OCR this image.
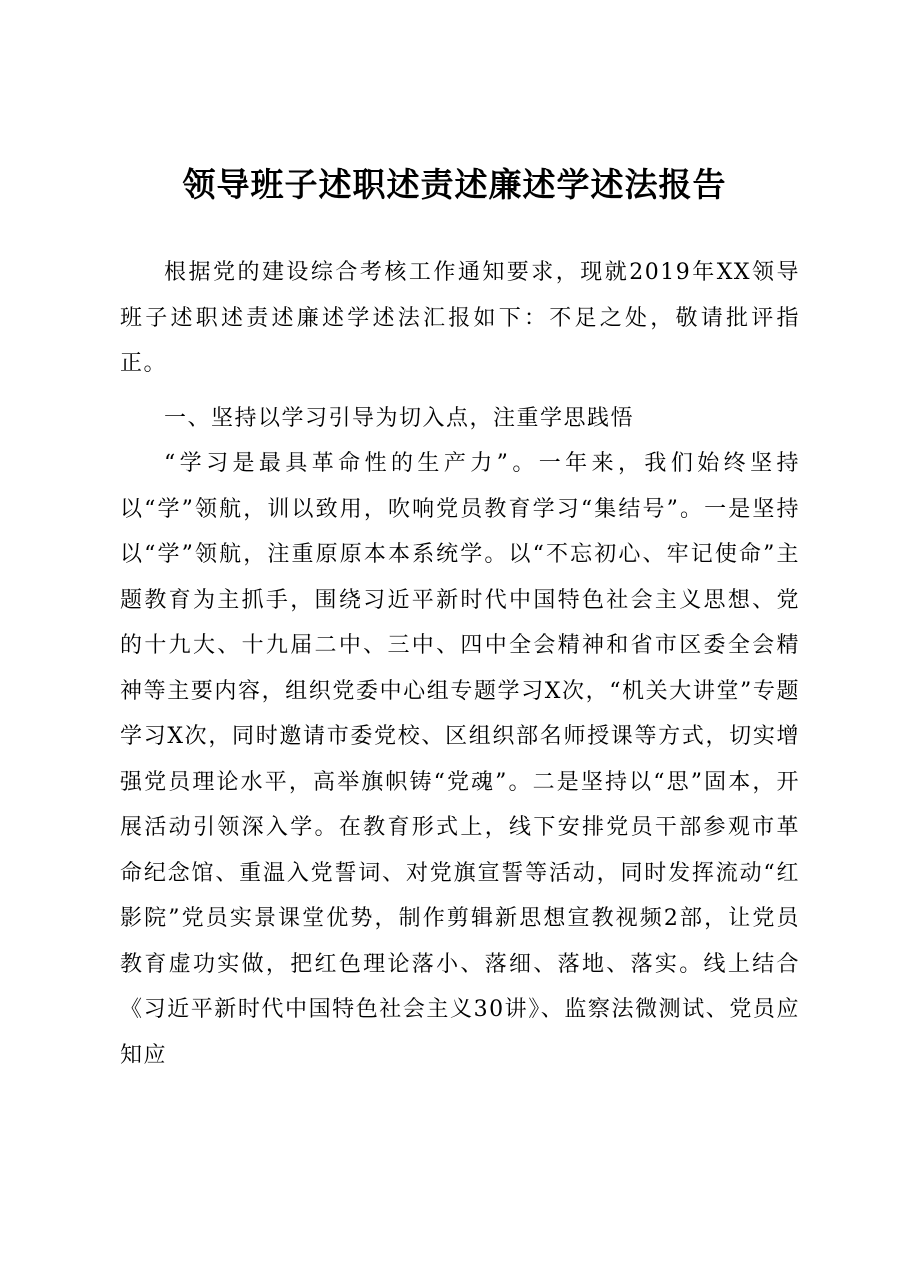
领导班子述职述责述廉述学述法报告

根据党的建设综合考核工作通知要求，现就2019年XX领导班子述职述责述廉述学述法汇报如下：不足之处，敬请批评指正。

一、坚持以学习引导为切入点，注重学思践悟

“学习是最具革命性的生产力”。一年来，我们始终坚持以“学”领航，训以致用，吹响党员教育学习“集结号”。一是坚持以“学”领航，注重原原本本系统学。以“不忘初心、牢记使命”主题教育为主抓手，围绕习近平新时代中国特色社会主义思想、党的十九大、十九届二中、三中、四中全会精神和省市区委全会精神等主要内容，组织党委中心组专题学习X次，“机关大讲堂”专题学习X次，同时邀请市委党校、区组织部名师授课等方式，切实增强党员理论水平，高举旗帜铸“党魂”。二是坚持以“思”固本，开展活动引领深入学。在教育形式上，线下安排党员干部参观市革命纪念馆、重温入党誓词、对党旗宣誓等活动，同时发挥流动“红影院”党员实景课堂优势，制作剪辑新思想宣教视频2部，让党员教育虚功实做，把红色理论落小、落细、落地、落实。线上结合《习近平新时代中国特色社会主义30讲》、监察法微测试、党员应知应
